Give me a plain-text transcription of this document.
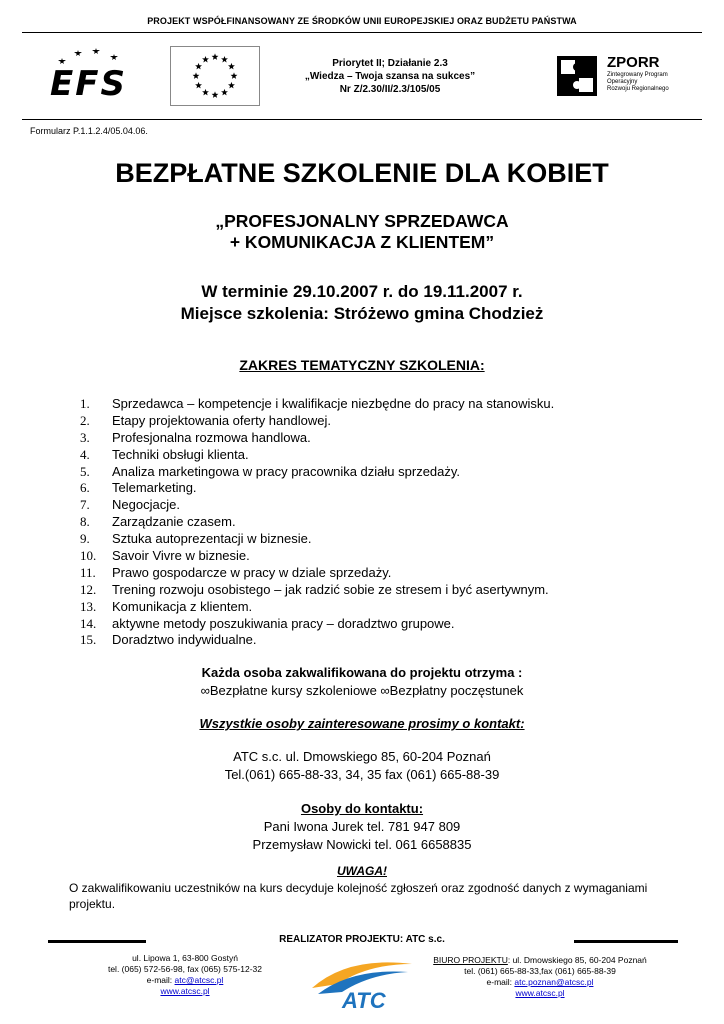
PROJEKT WSPÓŁFINANSOWANY ZE ŚRODKÓW UNII EUROPEJSKIEJ ORAZ BUDŻETU PAŃSTWA
EFS
Priorytet II; Działanie 2.3
„Wiedza – Twoja szansa na sukces”
Nr Z/2.30/II/2.3/105/05
ZPORR
Zintegrowany Program
Operacyjny
Rozwoju Regionalnego
Formularz P.1.1.2.4/05.04.06.
BEZPŁATNE SZKOLENIE DLA KOBIET
„PROFESJONALNY SPRZEDAWCA
+ KOMUNIKACJA Z KLIENTEM”
W terminie 29.10.2007 r. do 19.11.2007 r.
Miejsce szkolenia: Stróżewo gmina Chodzież
ZAKRES TEMATYCZNY SZKOLENIA:
1.	Sprzedawca – kompetencje i kwalifikacje niezbędne do pracy na stanowisku.
2.	Etapy projektowania oferty handlowej.
3.	Profesjonalna rozmowa handlowa.
4.	Techniki obsługi klienta.
5.	Analiza marketingowa w pracy pracownika działu sprzedaży.
6.	Telemarketing.
7.	Negocjacje.
8.	Zarządzanie czasem.
9.	Sztuka autoprezentacji w biznesie.
10.	Savoir Vivre w biznesie.
11.	Prawo gospodarcze w pracy w dziale sprzedaży.
12.	Trening rozwoju osobistego – jak radzić sobie ze stresem i być asertywnym.
13.	Komunikacja z klientem.
14.	aktywne metody poszukiwania pracy – doradztwo grupowe.
15.	Doradztwo indywidualne.
Każda osoba zakwalifikowana do projektu otrzyma :
∞Bezpłatne kursy szkoleniowe ∞Bezpłatny poczęstunek
Wszystkie osoby zainteresowane prosimy o kontakt:
ATC s.c. ul. Dmowskiego 85, 60-204 Poznań
Tel.(061) 665-88-33, 34, 35 fax (061) 665-88-39
Osoby do kontaktu:
Pani Iwona Jurek tel. 781 947 809
Przemysław Nowicki tel. 061 6658835
UWAGA!
O zakwalifikowaniu uczestników na kurs decyduje kolejność zgłoszeń oraz zgodność danych z wymaganiami projektu.
REALIZATOR PROJEKTU: ATC s.c.
ul. Lipowa 1, 63-800 Gostyń
tel. (065) 572-56-98, fax (065) 575-12-32
e-mail: atc@atcsc.pl
www.atcsc.pl	ATC
BIURO PROJEKTU: ul. Dmowskiego 85, 60-204 Poznań
tel. (061) 665-88-33,fax (061) 665-88-39
e-mail: atc.poznan@atcsc.pl
www.atcsc.pl
